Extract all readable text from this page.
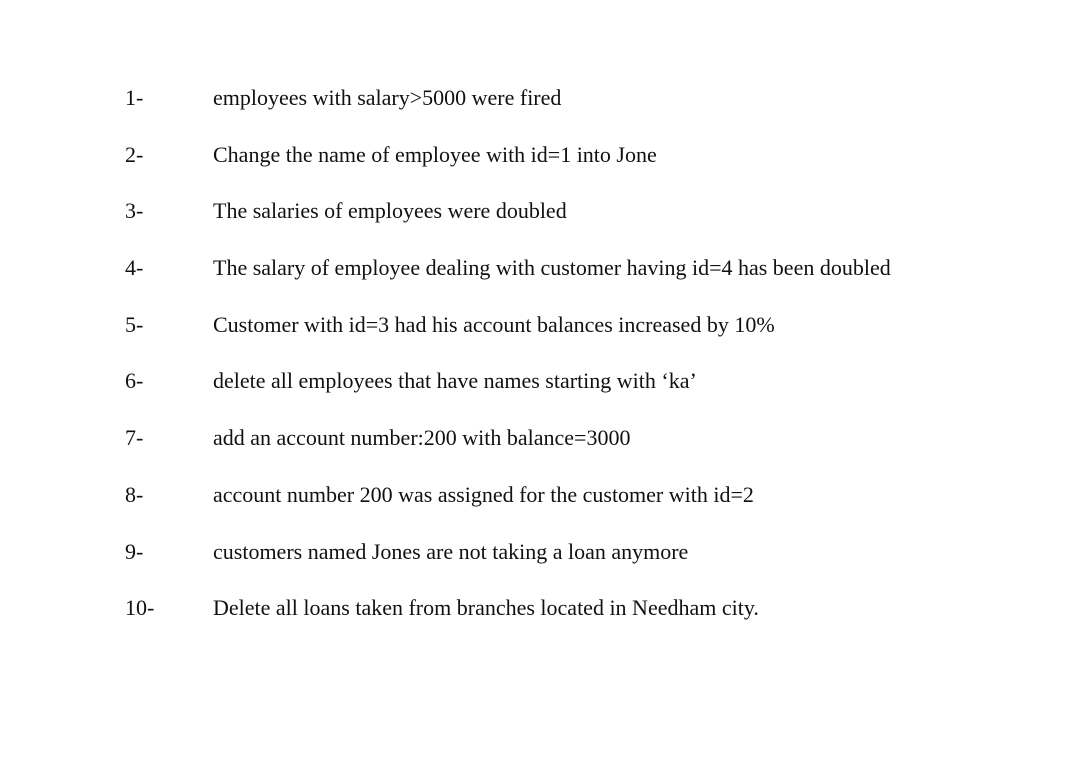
1-	employees with salary>5000 were fired
2-	Change the name of employee with id=1 into Jone
3-	The salaries of employees were doubled
4-	The salary of employee dealing with customer having id=4 has been doubled
5-	Customer with id=3 had his account balances increased by 10%
6-	delete all employees that have names starting with ‘ka’
7-	add an account number:200 with balance=3000
8-	account number 200 was assigned for the customer with id=2
9-	customers named Jones are not taking a loan anymore
10-	Delete all loans taken from branches located in Needham city.
